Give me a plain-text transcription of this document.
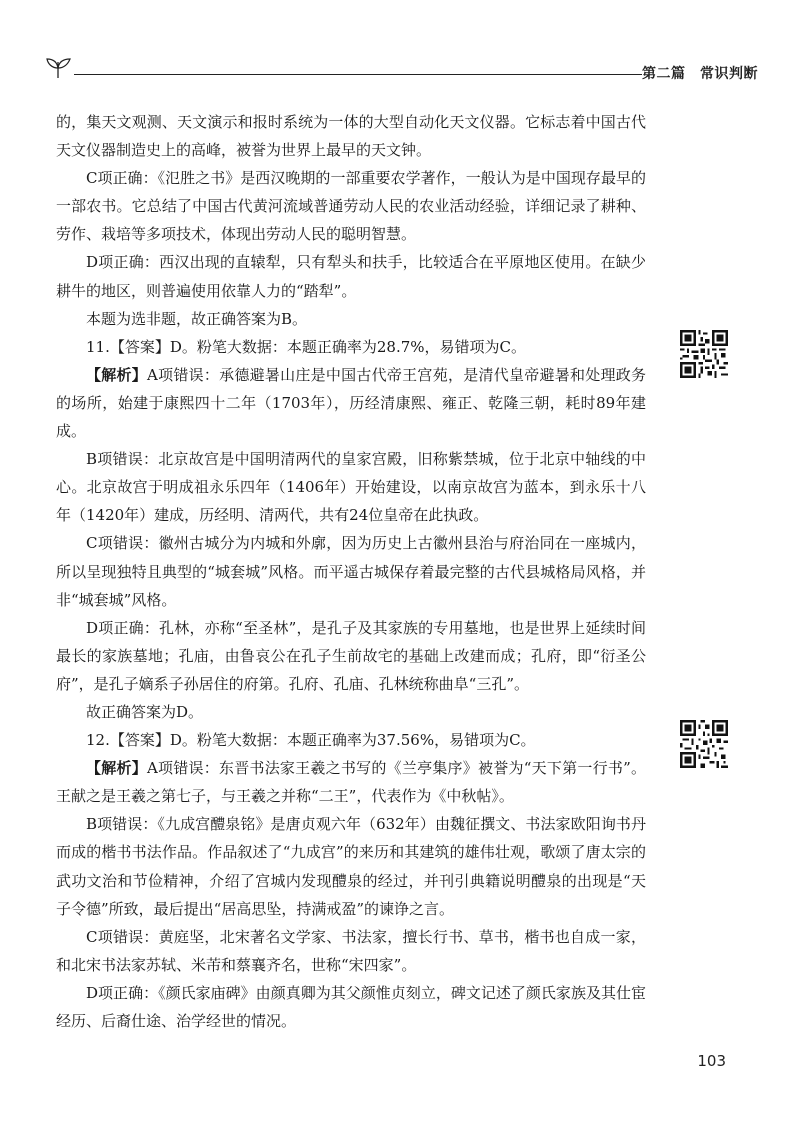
第二篇　常识判断

的，集天文观测、天文演示和报时系统为一体的大型自动化天文仪器。它标志着中国古代天文仪器制造史上的高峰，被誉为世界上最早的天文钟。

C项正确：《氾胜之书》是西汉晚期的一部重要农学著作，一般认为是中国现存最早的一部农书。它总结了中国古代黄河流域普通劳动人民的农业活动经验，详细记录了耕种、劳作、栽培等多项技术，体现出劳动人民的聪明智慧。

D项正确：西汉出现的直辕犁，只有犁头和扶手，比较适合在平原地区使用。在缺少耕牛的地区，则普遍使用依靠人力的“踏犁”。

本题为选非题，故正确答案为B。

11.【答案】D。粉笔大数据：本题正确率为28.7%，易错项为C。

【解析】A项错误：承德避暑山庄是中国古代帝王宫苑，是清代皇帝避暑和处理政务的场所，始建于康熙四十二年（1703年），历经清康熙、雍正、乾隆三朝，耗时89年建成。

B项错误：北京故宫是中国明清两代的皇家宫殿，旧称紫禁城，位于北京中轴线的中心。北京故宫于明成祖永乐四年（1406年）开始建设，以南京故宫为蓝本，到永乐十八年（1420年）建成，历经明、清两代，共有24位皇帝在此执政。

C项错误：徽州古城分为内城和外廓，因为历史上古徽州县治与府治同在一座城内，所以呈现独特且典型的“城套城”风格。而平遥古城保存着最完整的古代县城格局风格，并非“城套城”风格。

D项正确：孔林，亦称“至圣林”，是孔子及其家族的专用墓地，也是世界上延续时间最长的家族墓地；孔庙，由鲁哀公在孔子生前故宅的基础上改建而成；孔府，即“衍圣公府”，是孔子嫡系子孙居住的府第。孔府、孔庙、孔林统称曲阜“三孔”。

故正确答案为D。

12.【答案】D。粉笔大数据：本题正确率为37.56%，易错项为C。

【解析】A项错误：东晋书法家王羲之书写的《兰亭集序》被誉为“天下第一行书”。王献之是王羲之第七子，与王羲之并称“二王”，代表作为《中秋帖》。

B项错误：《九成宫醴泉铭》是唐贞观六年（632年）由魏征撰文、书法家欧阳询书丹而成的楷书书法作品。作品叙述了“九成宫”的来历和其建筑的雄伟壮观，歌颂了唐太宗的武功文治和节俭精神，介绍了宫城内发现醴泉的经过，并刊引典籍说明醴泉的出现是“天子令德”所致，最后提出“居高思坠，持满戒盈”的谏诤之言。

C项错误：黄庭坚，北宋著名文学家、书法家，擅长行书、草书，楷书也自成一家，和北宋书法家苏轼、米芾和蔡襄齐名，世称“宋四家”。

D项正确：《颜氏家庙碑》由颜真卿为其父颜惟贞刻立，碑文记述了颜氏家族及其仕宦经历、后裔仕途、治学经世的情况。

103
